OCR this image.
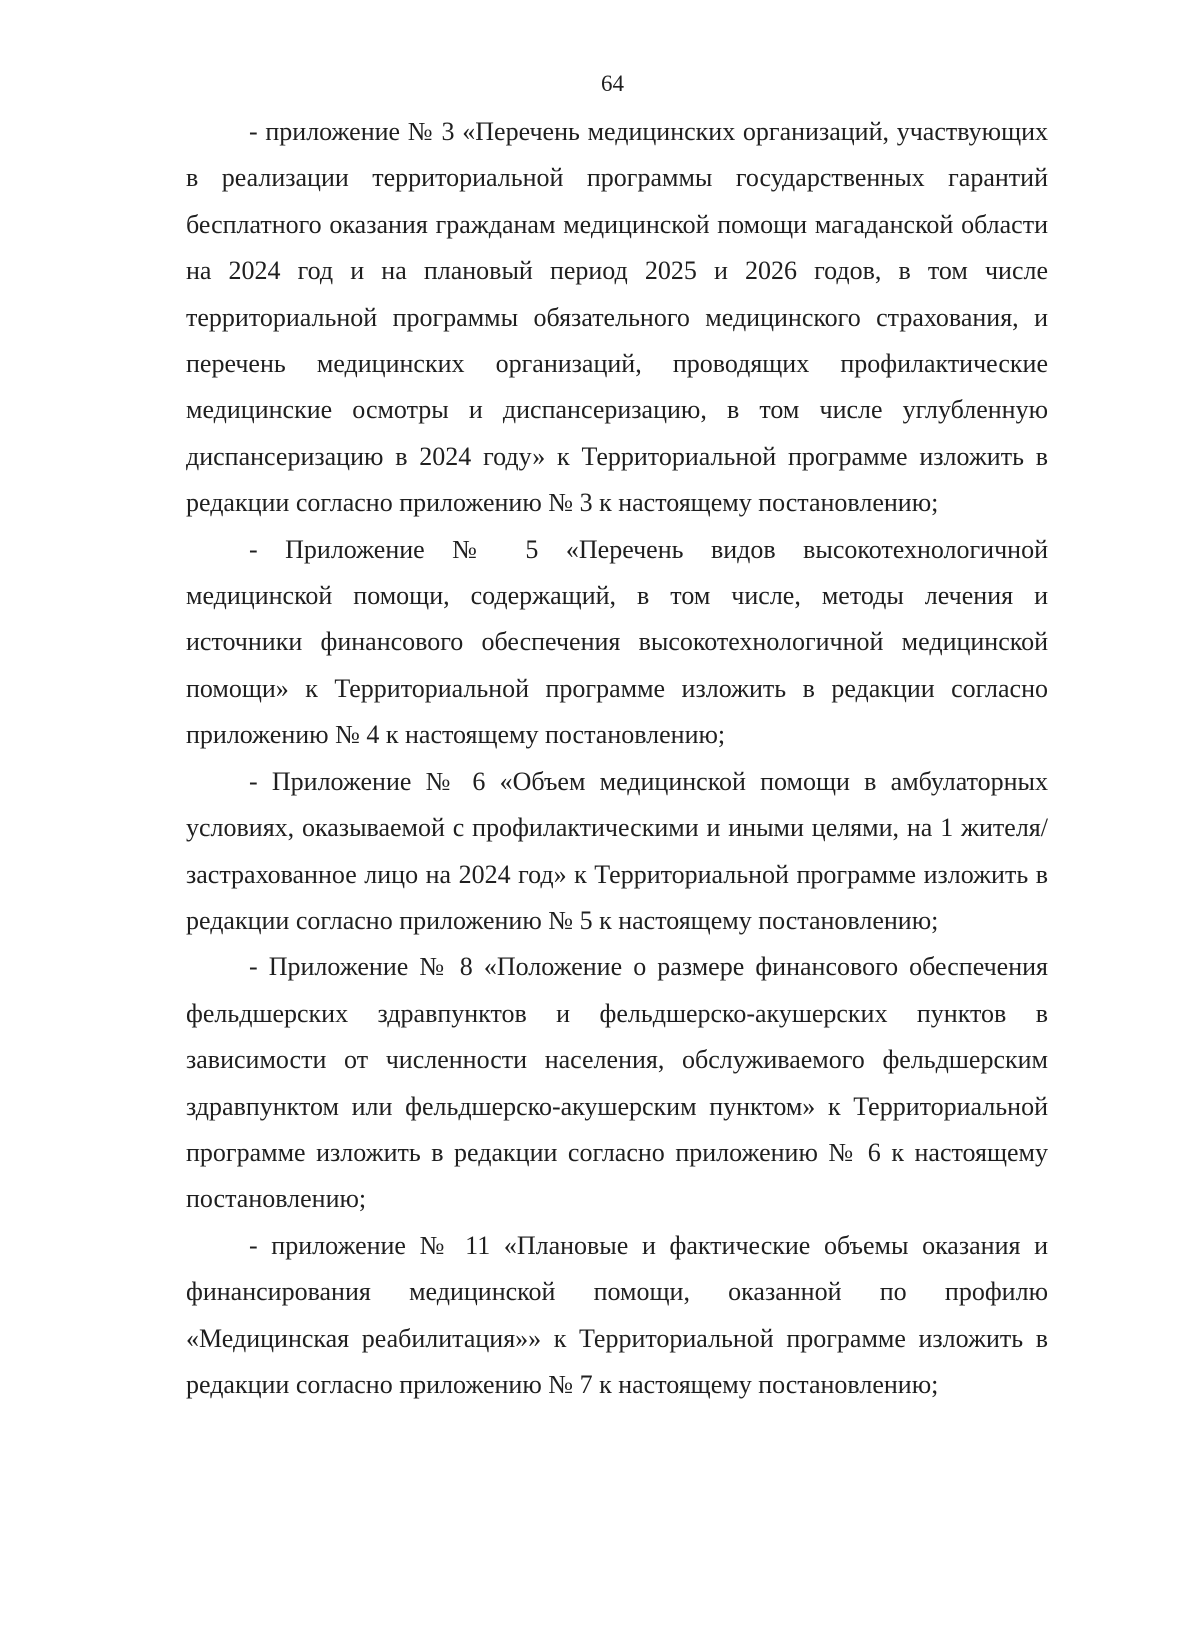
64

- приложение № 3 «Перечень медицинских организаций, участвующих в реализации территориальной программы государственных гарантий бесплатного оказания гражданам медицинской помощи магаданской области на 2024 год и на плановый период 2025 и 2026 годов, в том числе территориальной программы обязательного медицинского страхования, и перечень медицинских организаций, проводящих профилактические медицинские осмотры и диспансеризацию, в том числе углубленную диспансеризацию в 2024 году» к Территориальной программе изложить в редакции согласно приложению № 3 к настоящему постановлению;

- Приложение № 5 «Перечень видов высокотехнологичной медицинской помощи, содержащий, в том числе, методы лечения и источники финансового обеспечения высокотехнологичной медицинской помощи» к Территориальной программе изложить в редакции согласно приложению № 4 к настоящему постановлению;

- Приложение № 6 «Объем медицинской помощи в амбулаторных условиях, оказываемой с профилактическими и иными целями, на 1 жителя/застрахованное лицо на 2024 год» к Территориальной программе изложить в редакции согласно приложению № 5 к настоящему постановлению;

- Приложение № 8 «Положение о размере финансового обеспечения фельдшерских здравпунктов и фельдшерско-акушерских пунктов в зависимости от численности населения, обслуживаемого фельдшерским здравпунктом или фельдшерско-акушерским пунктом» к Территориальной программе изложить в редакции согласно приложению № 6 к настоящему постановлению;

- приложение № 11 «Плановые и фактические объемы оказания и финансирования медицинской помощи, оказанной по профилю «Медицинская реабилитация»» к Территориальной программе изложить в редакции согласно приложению № 7 к настоящему постановлению;
